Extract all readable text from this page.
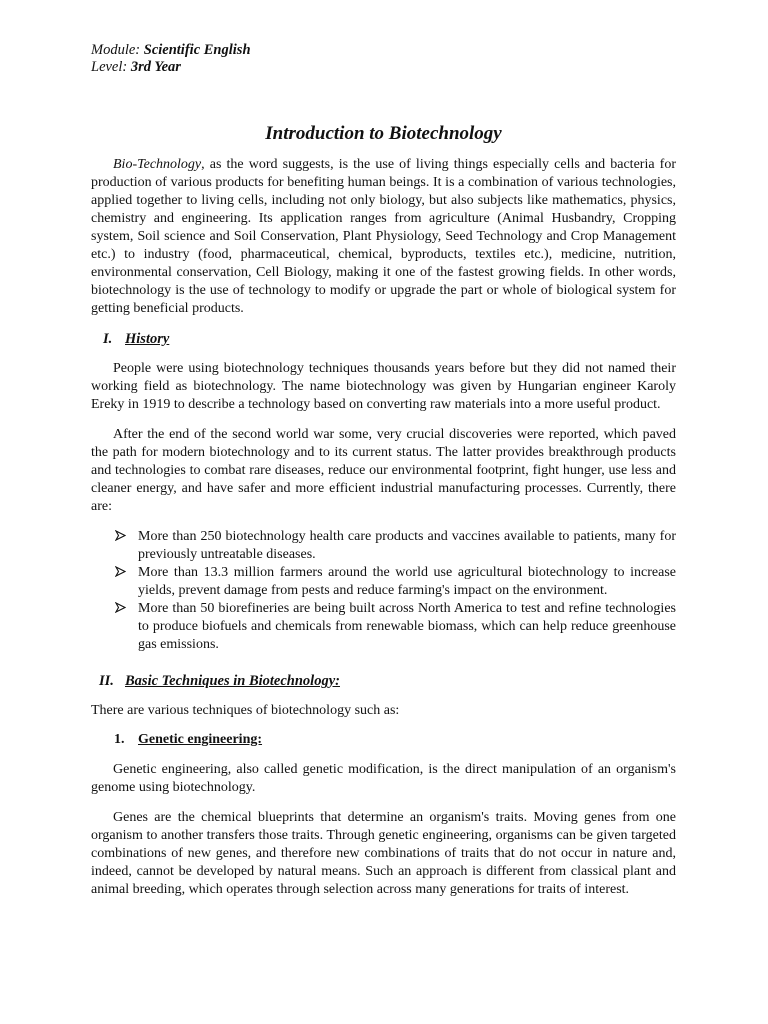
Module: Scientific English
Level: 3rd Year
Introduction to Biotechnology

Bio-Technology, as the word suggests, is the use of living things especially cells and bacteria for production of various products for benefiting human beings. It is a combination of various technologies, applied together to living cells, including not only biology, but also subjects like mathematics, physics, chemistry and engineering. Its application ranges from agriculture (Animal Husbandry, Cropping system, Soil science and Soil Conservation, Plant Physiology, Seed Technology and Crop Management etc.) to industry (food, pharmaceutical, chemical, byproducts, textiles etc.), medicine, nutrition, environmental conservation, Cell Biology, making it one of the fastest growing fields. In other words, biotechnology is the use of technology to modify or upgrade the part or whole of biological system for getting beneficial products.

I. History

People were using biotechnology techniques thousands years before but they did not named their working field as biotechnology. The name biotechnology was given by Hungarian engineer Karoly Ereky in 1919 to describe a technology based on converting raw materials into a more useful product.

After the end of the second world war some, very crucial discoveries were reported, which paved the path for modern biotechnology and to its current status. The latter provides breakthrough products and technologies to combat rare diseases, reduce our environmental footprint, fight hunger, use less and cleaner energy, and have safer and more efficient industrial manufacturing processes. Currently, there are:

More than 250 biotechnology health care products and vaccines available to patients, many for previously untreatable diseases.
More than 13.3 million farmers around the world use agricultural biotechnology to increase yields, prevent damage from pests and reduce farming's impact on the environment.
More than 50 biorefineries are being built across North America to test and refine technologies to produce biofuels and chemicals from renewable biomass, which can help reduce greenhouse gas emissions.
II. Basic Techniques in Biotechnology:

There are various techniques of biotechnology such as:

1. Genetic engineering:

Genetic engineering, also called genetic modification, is the direct manipulation of an organism's genome using biotechnology.

Genes are the chemical blueprints that determine an organism's traits. Moving genes from one organism to another transfers those traits. Through genetic engineering, organisms can be given targeted combinations of new genes, and therefore new combinations of traits that do not occur in nature and, indeed, cannot be developed by natural means. Such an approach is different from classical plant and animal breeding, which operates through selection across many generations for traits of interest.
